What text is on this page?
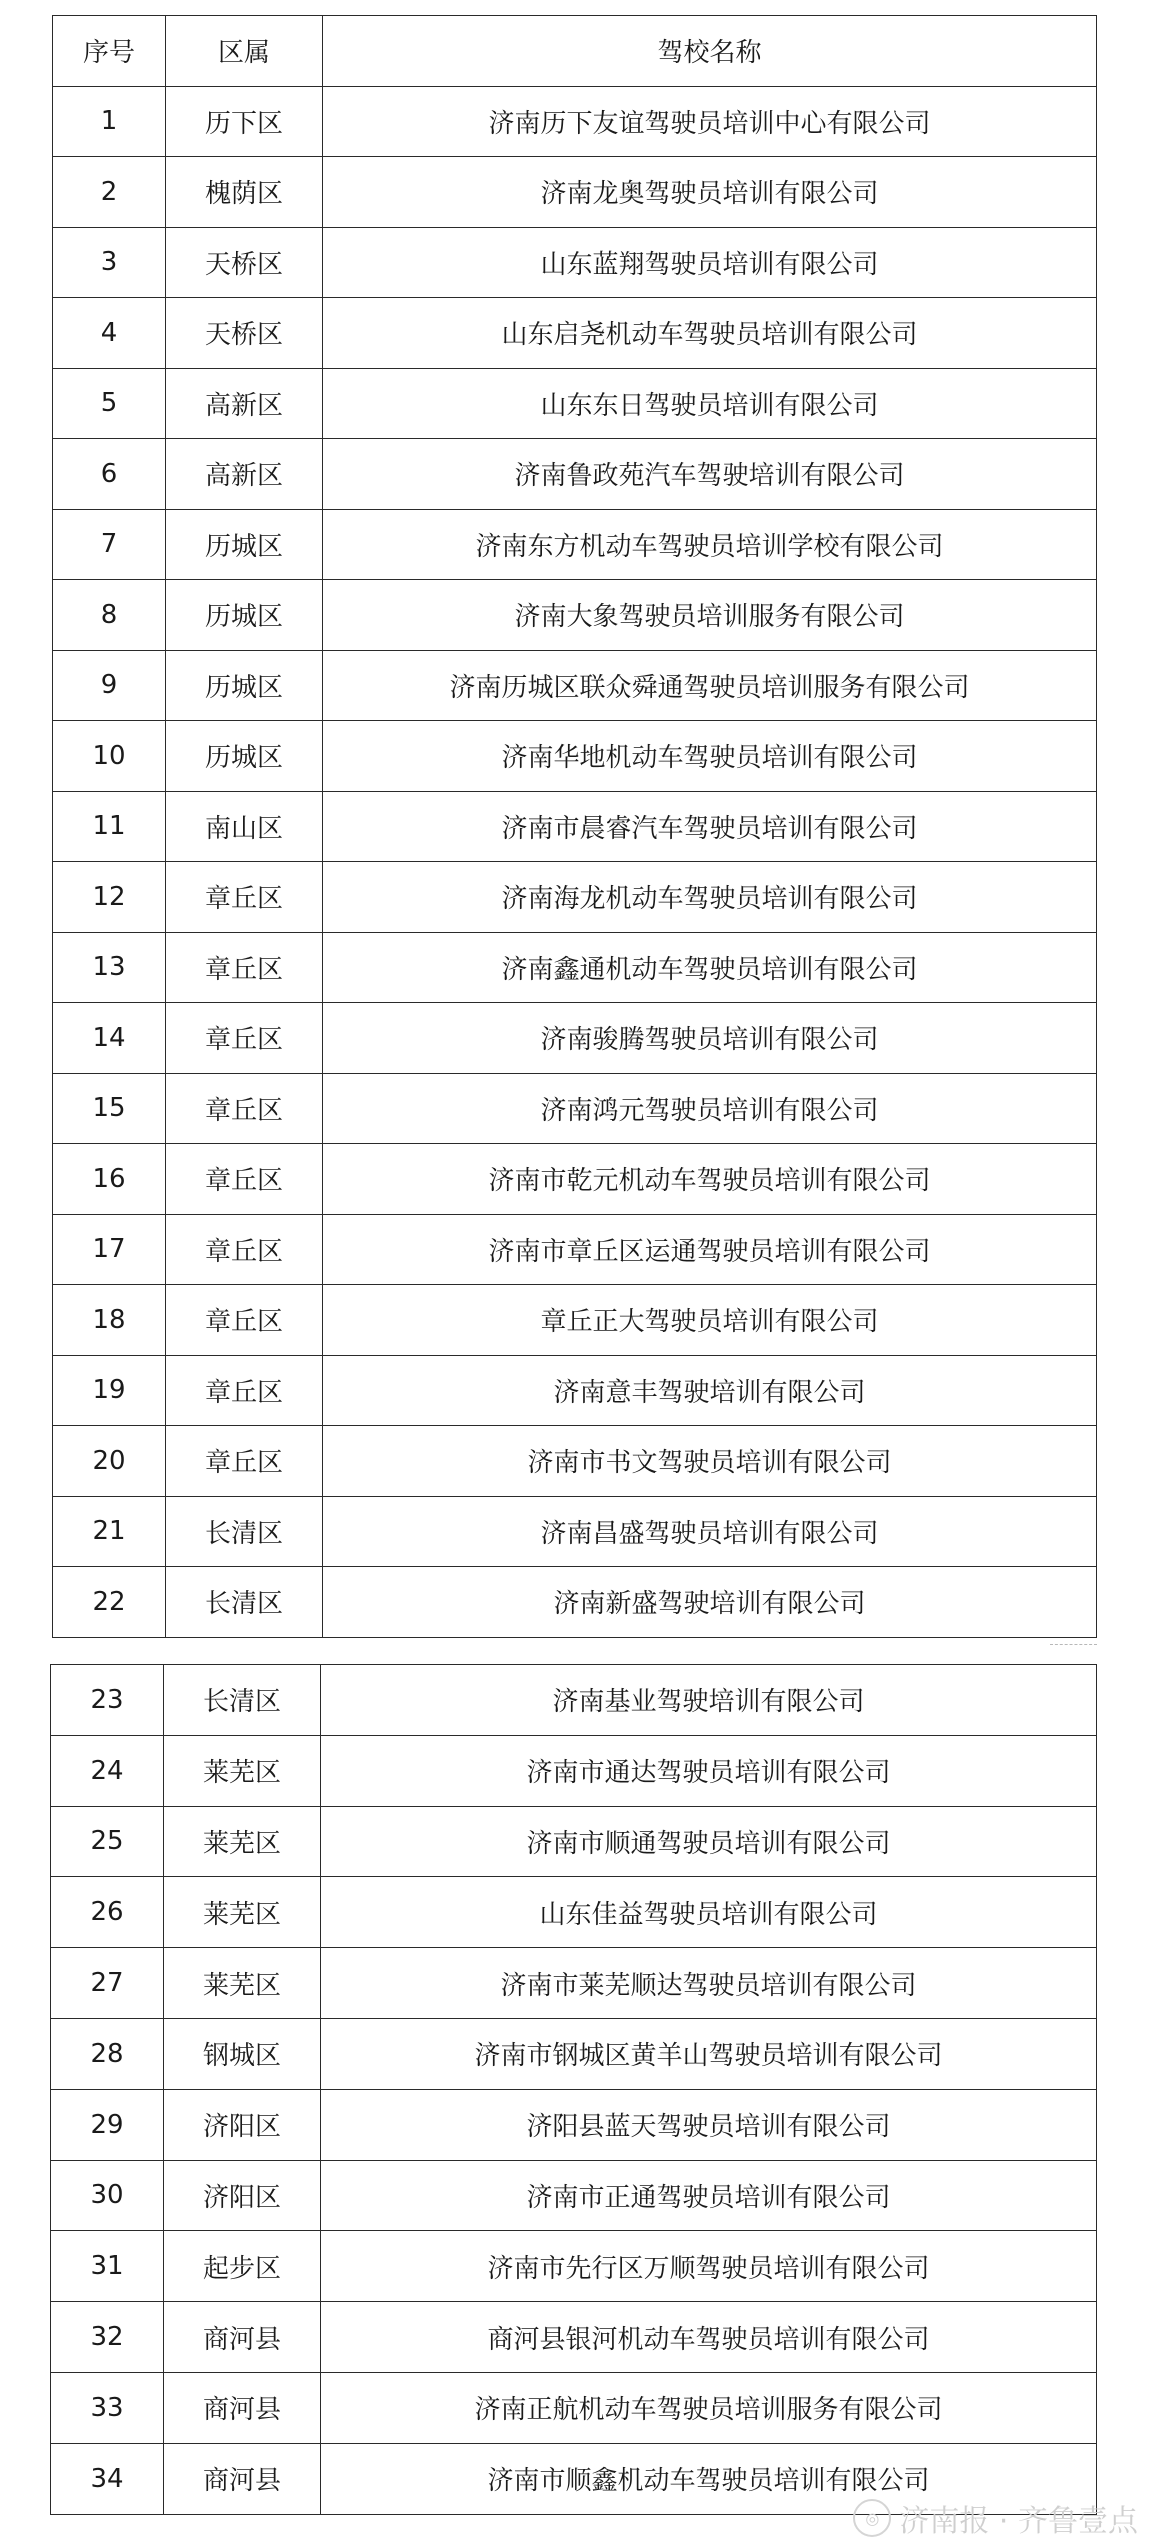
序号	区属	驾校名称
1	历下区	济南历下友谊驾驶员培训中心有限公司
2	槐荫区	济南龙奥驾驶员培训有限公司
3	天桥区	山东蓝翔驾驶员培训有限公司
4	天桥区	山东启尧机动车驾驶员培训有限公司
5	高新区	山东东日驾驶员培训有限公司
6	高新区	济南鲁政苑汽车驾驶培训有限公司
7	历城区	济南东方机动车驾驶员培训学校有限公司
8	历城区	济南大象驾驶员培训服务有限公司
9	历城区	济南历城区联众舜通驾驶员培训服务有限公司
10	历城区	济南华地机动车驾驶员培训有限公司
11	南山区	济南市晨睿汽车驾驶员培训有限公司
12	章丘区	济南海龙机动车驾驶员培训有限公司
13	章丘区	济南鑫通机动车驾驶员培训有限公司
14	章丘区	济南骏腾驾驶员培训有限公司
15	章丘区	济南鸿元驾驶员培训有限公司
16	章丘区	济南市乾元机动车驾驶员培训有限公司
17	章丘区	济南市章丘区运通驾驶员培训有限公司
18	章丘区	章丘正大驾驶员培训有限公司
19	章丘区	济南意丰驾驶培训有限公司
20	章丘区	济南市书文驾驶员培训有限公司
21	长清区	济南昌盛驾驶员培训有限公司
22	长清区	济南新盛驾驶培训有限公司
23	长清区	济南基业驾驶培训有限公司
24	莱芜区	济南市通达驾驶员培训有限公司
25	莱芜区	济南市顺通驾驶员培训有限公司
26	莱芜区	山东佳益驾驶员培训有限公司
27	莱芜区	济南市莱芜顺达驾驶员培训有限公司
28	钢城区	济南市钢城区黄羊山驾驶员培训有限公司
29	济阳区	济阳县蓝天驾驶员培训有限公司
30	济阳区	济南市正通驾驶员培训有限公司
31	起步区	济南市先行区万顺驾驶员培训有限公司
32	商河县	商河县银河机动车驾驶员培训有限公司
33	商河县	济南正航机动车驾驶员培训服务有限公司
34	商河县	济南市顺鑫机动车驾驶员培训有限公司
◎ 济南报 · 齐鲁壹点
